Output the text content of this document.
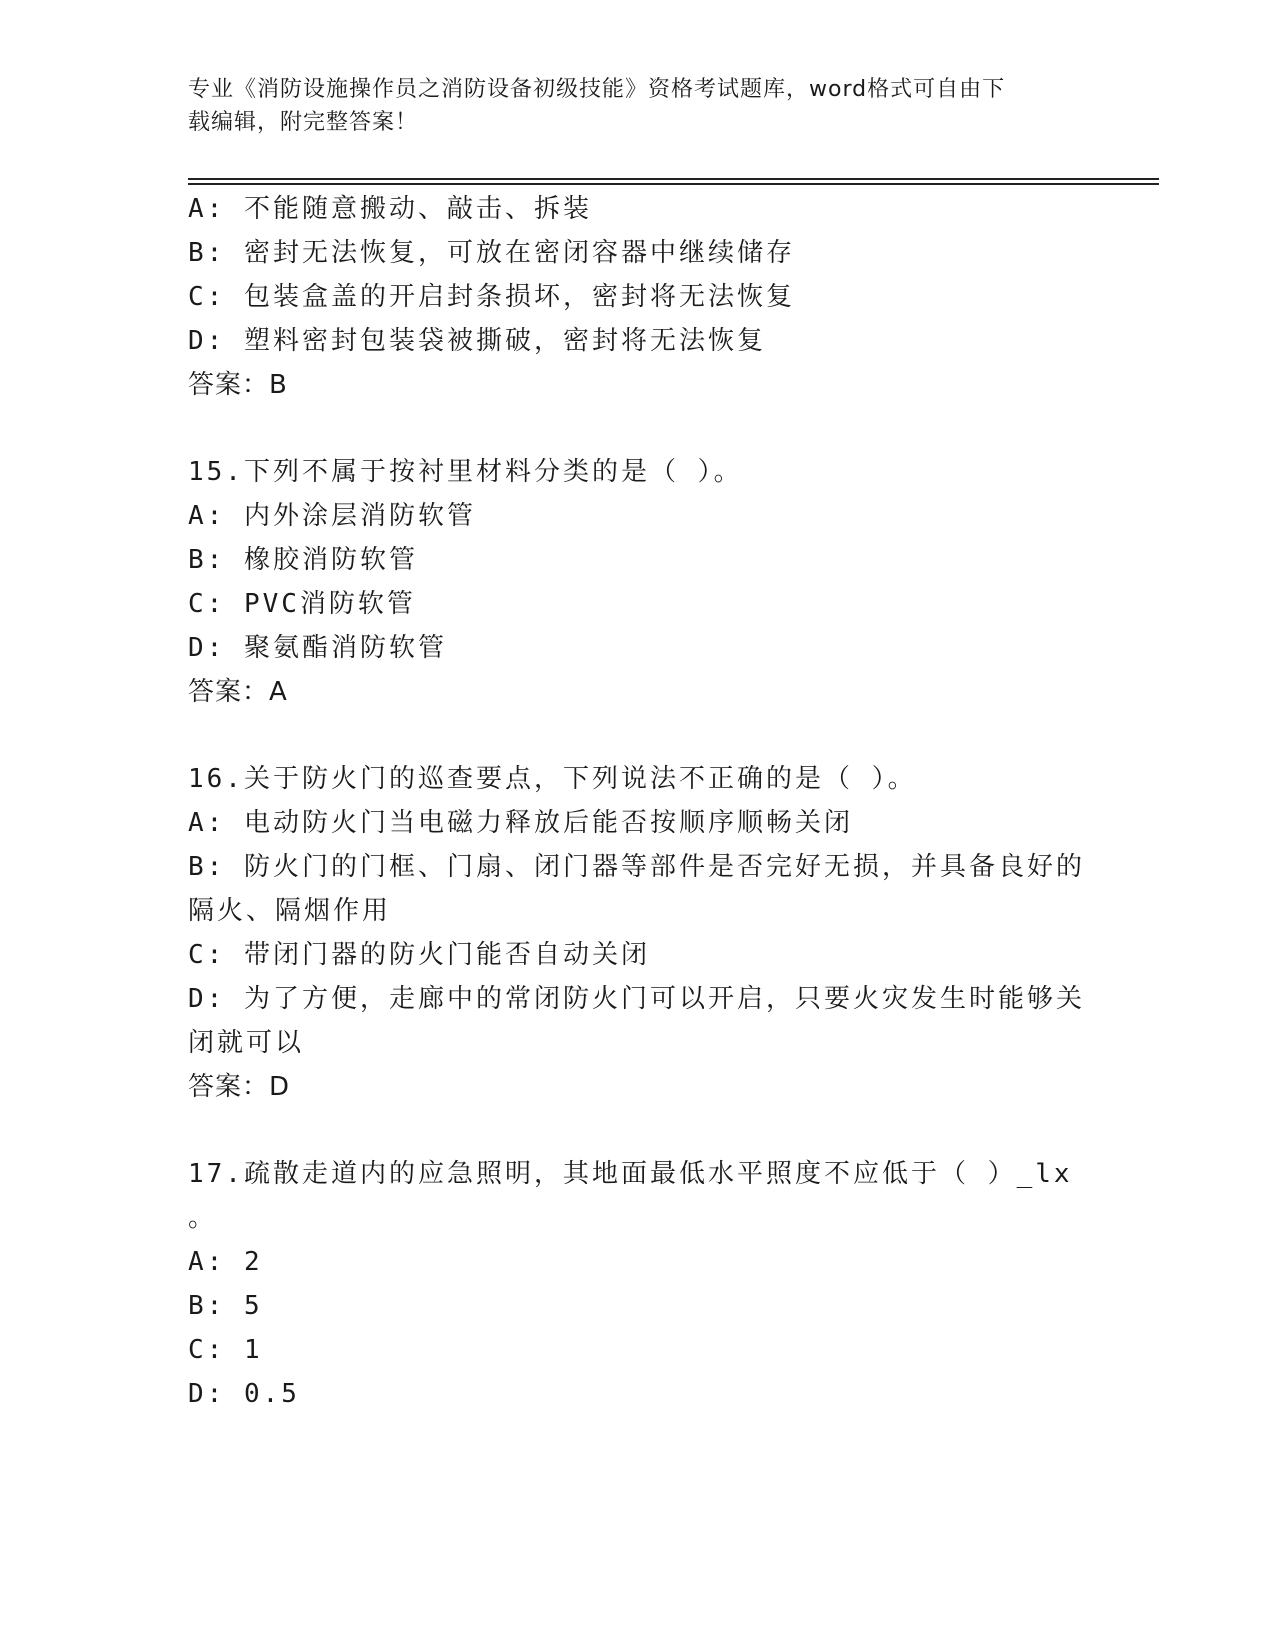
专业《消防设施操作员之消防设备初级技能》资格考试题库，word格式可自由下
载编辑，附完整答案！

A: 不能随意搬动、敲击、拆装
B: 密封无法恢复，可放在密闭容器中继续储存
C: 包装盒盖的开启封条损坏，密封将无法恢复
D: 塑料密封包装袋被撕破，密封将无法恢复
答案：B
15.下列不属于按衬里材料分类的是（ ）。
A: 内外涂层消防软管
B: 橡胶消防软管
C: PVC消防软管
D: 聚氨酯消防软管
答案：A
16.关于防火门的巡查要点，下列说法不正确的是（ ）。
A: 电动防火门当电磁力释放后能否按顺序顺畅关闭
B: 防火门的门框、门扇、闭门器等部件是否完好无损，并具备良好的
隔火、隔烟作用
C: 带闭门器的防火门能否自动关闭
D: 为了方便，走廊中的常闭防火门可以开启，只要火灾发生时能够关
闭就可以
答案：D
17.疏散走道内的应急照明，其地面最低水平照度不应低于（ ）_lx
。
A: 2
B: 5
C: 1
D: 0.5
